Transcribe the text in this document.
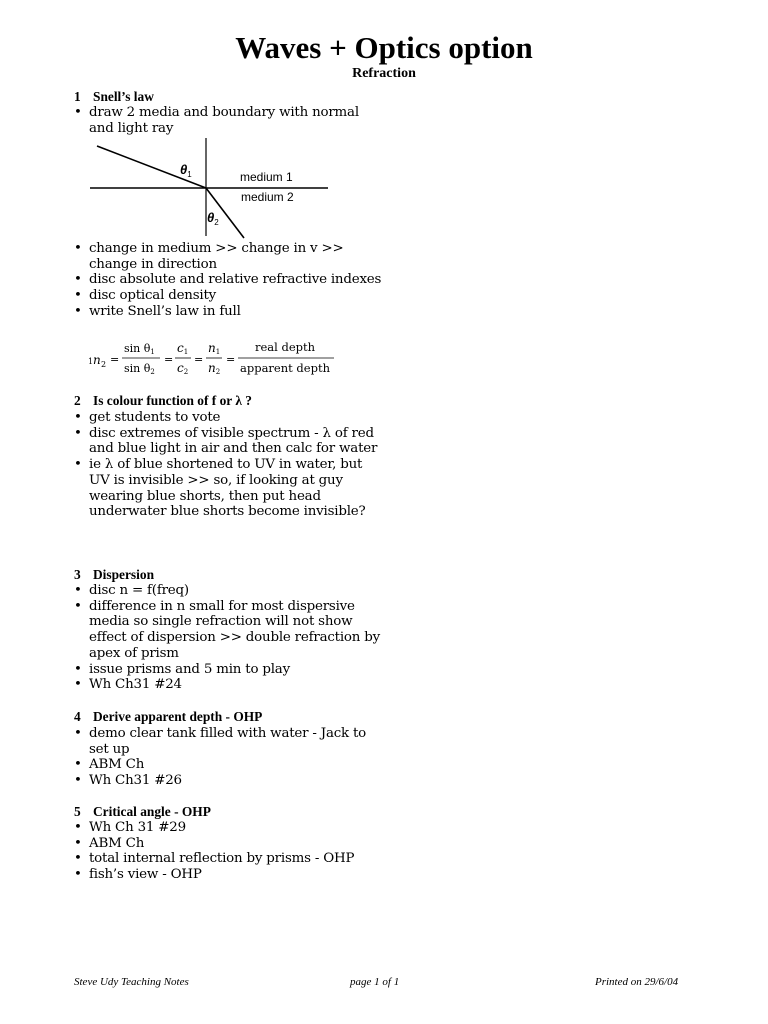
Waves + Optics option
Refraction
1 Snell’s law
• draw 2 media and boundary with normal and light ray
$\theta_1$	medium 1
medium 2
$\theta_2$
• change in medium >> change in v >> change in direction
• disc absolute and relative refractive indexes
• disc optical density
• write Snell’s law in full
1 n 2 =
sin θ1
sin θ2
=
c1
c2
=
n1
n2
=
real depth
apparent depth
2 Is colour function of f or λ ?
• get students to vote
• disc extremes of visible spectrum - λ of red and blue light in air and then calc for water
• ie λ of blue shortened to UV in water, but UV is invisible >> so, if looking at guy wearing blue shorts, then put head underwater blue shorts become invisible?
3 Dispersion
• disc n = f(freq)
• difference in n small for most dispersive media so single refraction will not show effect of dispersion >> double refraction by apex of prism
• issue prisms and 5 min to play
• Wh Ch31 #24
4 Derive apparent depth - OHP
• demo clear tank filled with water - Jack to set up
• ABM Ch
• Wh Ch31 #26
5 Critical angle - OHP
• Wh Ch 31 #29
• ABM Ch
• total internal reflection by prisms - OHP
• fish’s view - OHP
Steve Udy Teaching Notes	page 1 of 1	Printed on 29/6/04
